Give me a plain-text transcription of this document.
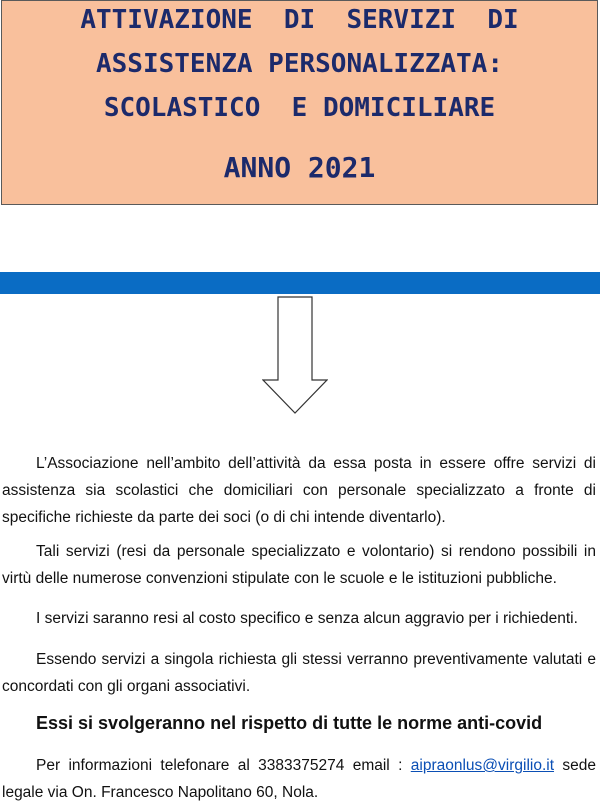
ATTIVAZIONE  DI  SERVIZI  DI
ASSISTENZA PERSONALIZZATA:
SCOLASTICO  E DOMICILIARE
ANNO 2021
L’Associazione nell’ambito dell’attività da essa posta in essere offre servizi di assistenza sia scolastici che domiciliari con personale specializzato a fronte di specifiche richieste da parte dei soci (o di chi intende diventarlo).
Tali servizi (resi da personale specializzato e volontario) si rendono possibili in virtù delle numerose convenzioni stipulate con le scuole e le istituzioni pubbliche.
I servizi saranno resi al costo specifico e senza alcun aggravio per i richiedenti.
Essendo servizi a singola richiesta gli stessi verranno preventivamente valutati e concordati con gli organi associativi.
Essi si svolgeranno nel rispetto di tutte le norme anti-covid
Per informazioni telefonare al 3383375274 email : aipraonlus@virgilio.it sede legale via On. Francesco Napolitano 60, Nola.
